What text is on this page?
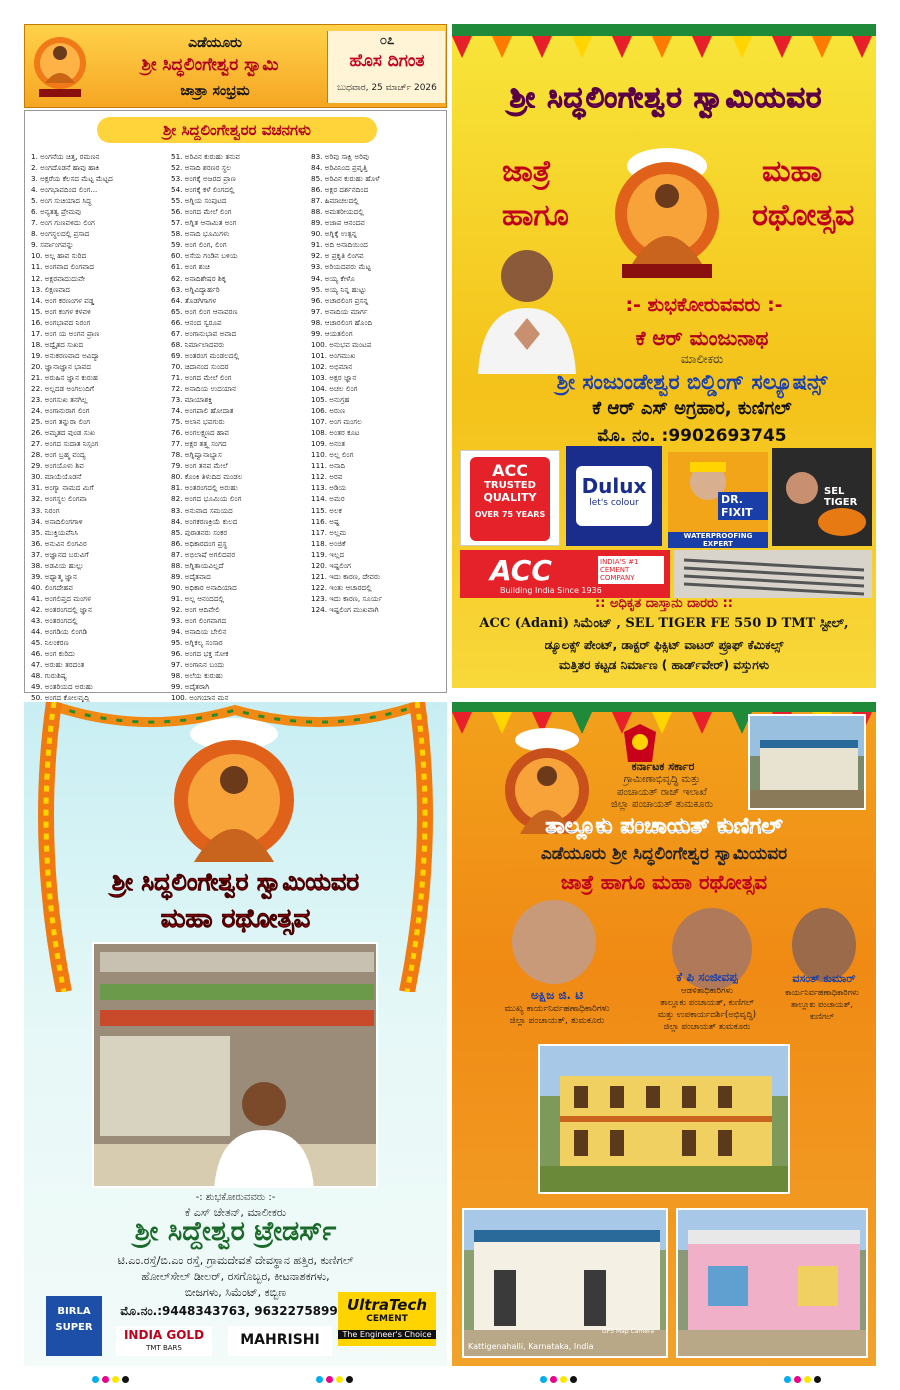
ಎಡೆಯೂರು
ಶ್ರೀ ಸಿದ್ಧಲಿಂಗೇಶ್ವರ ಸ್ವಾಮಿ
ಜಾತ್ರಾ ಸಂಭ್ರಮ
೦೭
ಹೊಸ ದಿಗಂತ
ಬುಧವಾರ, 25 ಮಾರ್ಚ್ 2026
ಶ್ರೀ ಸಿದ್ದಲಿಂಗೇಶ್ವರರ ವಚನಗಳು
1. ಅಂಗನೆಯ ಚಿತ್ತ, ರಮಣನ
2. ಅಂಗದೊಡನೆ ಹಾವು ಹಾಕಿ
3. ಅಕ್ಷರೆಯ ಕೆಲಸದ ಮೆಟ್ಟ ಮೆಟ್ಟದ
4. ಅಂಗಭಾವದಿಂದ ಲಿಂಗ...
5. ಅಂಗ ಸುಚಿಯಾದ ಸಿದ್ಧ
6. ಅನ್ಯತತ್ವ ಪ್ರೇಮವು
7. ಅಂಗ ಗುಣವಳಿದು ಲಿಂಗ
8. ಅಂಗಸ್ಥಲದಲ್ಲಿ ಪ್ರಸಾದ
9. ಸರ್ವಾಂಗವನ್ನು
10. ಅಲ್ಲ ಹಾವ ಸುರಿದ
11. ಅಂಗವಾದ ಲಿಂಗವಾದ
12. ಅಕ್ಷರವಾದುದುವೇ
13. ಲಿಕ್ಷಣವಾದ
14. ಅಂಗ ಕರಣಂಗಳ ವಡ್ಡ
15. ಅಂಗ ಕಂಗಳ ಕಳವಳಿ
16. ಅಂಗಭಾವದ ನಿರಂಗ
17. ಅಂಗ ಯ ಅಂಗನ ಪ್ರಾಣ
18. ಅದ್ವೈತದ ಸುಖದ
19. ಅನುಕರಣವಾದ ಅವಿದ್ಯಾ
20. ಜ್ಞಾನಾಜ್ಞಾನ ಭಾವದ
21. ಅರುಹಿನ ಜ್ಞಾನ ಕುರುಹ
22. ಅಲ್ಲದಡ ಅಂಗಲುದಿಗೆ
23. ಅಂಗಸುಖ ತನಗಿಲ್ಲ
24. ಅಂಗಾನುರಾಗ ಲಿಂಗ
25. ಅಂಗ ತನ್ನುರಾ ಲಿಂಗ
26. ಅಮೃತದ ವುಂಡ ಸುಖ
27. ಅಂಗದ ಸುದಾತ ನಿಸ್ಸಂಗ
28. ಅಂಗ ಬ್ರಹ್ಮ ವಂದ್ಯ
29. ಅಂಗಯೊಳು ಶಿವ
30. ಮಾಯೆಯೊಡನೆ
31. ಅಂಗ್ಯಾ ನಾಮದ ಮಿಗೆ
32. ಅಂಗಸ್ಥಲ ಲಿಂಗವಾ
33. ನಿರಂಗ
34. ಅನಾದಿಲಿಂಗಗಾಳಿ
35. ಮುಕ್ತಿಯವೆನಿಸಿ
36. ಅನುವಿನ ಲಿಂಗವಿರ
37. ಅಜ್ಞಾನದ ಬರುವಿಗೆ
38. ಅಡವಿಯ ಹುಲ್ಲು
39. ಅಧ್ಯಾತ್ಮ ಜ್ಞಾನ
40. ಲಿಂಗದೇಹವ
41. ಅಂಗಲಿಪ್ತದ ಮಂಗಳ
42. ಅಂತರಂಗದಲ್ಲಿ ಜ್ಞಾನ
43. ಅಂತರಂಗದಲ್ಲಿ
44. ಅಂಗಡಿಯ ಲಿಂಗಡಿ
45. ನಿಲಂಕರಣ
46. ಅಂಗ ಕುರಿದು
47. ಅರುಹು ತರದಂತ
48. ಗುರುಶಿಷ್ಯ
49. ಅಂತರಿಯದ ಅರುಹು
50. ಅಂಗದ ಕೋಲವೃದ್ಧಿ
51. ಅರಿವಿನ ಕುರುಹು ತನುವ
52. ಅನಾದಿ ಶರಣರ ಸ್ಥಲ
53. ಅಂಗಕ್ಕೆ ಅಜರದ ಪ್ರಾಣ
54. ಅಂಗಕ್ಕೆ ಕಳೆ ಲಿಂಗದಲ್ಲಿ
55. ಅಗ್ನಿಯ ಸಂಪುಟದ
56. ಅಂಗದ ಮೇಲೆ ಲಿಂಗ
57. ಅಗ್ನಿತ ಆನಾಮಿತ ಅಂಗ
58. ಅನಾದಿ ಭೂಮಿಗಳು
59. ಅಂಗ ಲಿಂಗ, ಲಿಂಗ
60. ಅಸೆಯ ಗಂಡಿನ ಬಳಿಯ
61. ಅಂಗ ಶುಚಿ
62. ಅನಾದಿಶೇಷರ ಶಿಕ್ಕ
63. ಅಗ್ನಿವಿದ್ಯಾರ್ಹರಿ
64. ತೊಡಗಿಗಾಗಳ
65. ಅಂಗ ಲಿಂಗ ಆನಾವರಣ
66. ಆನಂದ ಸ್ವರೂಪ
67. ಅಂಗಾನುಭಾವ ಅವಾದ
68. ನಿರ್ಮಾಲಾದವರು
69. ಅಂತರಂಗ ಮಂಡಲದಲ್ಲಿ
70. ಚಿದಾನಂದ ಸುಂದರ
71. ಅಂಗದ ಮೇಲೆ ಲಿಂಗ
72. ಅನಾದಿಯ ಉದಯಾನ
73. ಮಾಯಾಶಕ್ತಿ
74. ಅಂಗಪಾಲಿ ಹೋದಾತ
75. ಅಲಾನ ಭವಗುರು
76. ಅಂಗಲಕ್ಷ್ಮಣದ ಹಾವ
77. ಅಕ್ಷರ ತತ್ತ್ವ ಸಂಗದ
78. ಅಗ್ನಿಷ್ವಾನಾಭ್ಯಾಸ
79. ಅಂಗ ತನವ ಮೇಲೆ
80. ಕೊಂಕಿ ತಿಳುದಿದ ಮಂಡಲ
81. ಅಂತರಂಗದಲ್ಲಿ ಅರುಹು
82. ಅಂಗದ ಭೂಮಿಯ ಲಿಂಗ
83. ಅನುವಾದ ಸಮಯದ
84. ಅಂಗಕರಣಕ್ರಿಯೆ ಕುಲದ
85. ಪುರಾತನರು ಸಂಕರ
86. ಅಧಿಕಾರದಂಗ ಪ್ರಸ್ಥ
87. ಅಭಿಲಾಷೆ ಅಗಲಿದವರ
88. ಅಗ್ನಿತಾಯವಿಲ್ಲದೆ
89. ಅದೈತವಾದ
90. ಅಧಿಕಾರ ಅನಾದಿಯಾದ
91. ಅಲ್ಲ ಆನಂದದಲ್ಲಿ
92. ಅಂಗ ಆದಿವೇಲಿ
93. ಅಂಗ ಲಿಂಗವಾಗದ
94. ಅನಾದಿಯ ಬೇಲಿನ
95. ಅಗ್ನಿಕಲ್ಯ ಸಂಸಾರ
96. ಅಂಗದ ಭಕ್ತ ಸೋಕ
97. ಅಂಗಾನಿನ ಬಂದು
98. ಅಲೆಯ ಕುರುಹು
99. ಅದೈತರಾಗಿ
100. ಅಂಗಯಾನ ಮನ
83. ಅರಿವು ಸಾಕ್ಷಿ ಅರಿವು
84. ಅರಿವಿನಿಂದ ಪ್ರವೃತ್ತಿ
85. ಅರಿವಿನ ಕುರುಹು ಹೊಳೆ
86. ಅಕ್ಷರ ದರ್ಶನದಿಂದ
87. ಹಿಮಾಚಲದಲ್ಲಿ
88. ಅಮತರೀಯದಲ್ಲಿ
89. ಅಜಾಪ ಆನಂದವ
90. ಅಗ್ನಿಕ್ಕೆ ಉತ್ಪನ್ನ
91. ಅದಿ ಅನಾದಿಯಿಂದ
92. ಅ ಪ್ರಕೃತಿ ಲಿಂಗವ
93. ಅರಿಯದವರು ಮೆಟ್ಟ
94. ಅಯ್ಯ ಕೇಳೊ
95. ಅಯ್ಯ ನಿನ್ನ ಹುಟ್ಟು
96. ಅಚಾರಲಿಂಗ ಪ್ರಸನ್ನ
97. ಅನಾದಿಯ ಮಾರ್ಗ
98. ಆಚಾರಲಿಂಗ ಹೊಂದಿ
99. ಆಯತಲಿಂಗ
100. ಅನುಭವ ಮಂಟಪ
101. ಅಂಗಮುಖ
102. ಅಭಿಮಾನ
103. ಅಕ್ಷರ ಜ್ಞಾನ
104. ಅಚಲ ಲಿಂಗ
105. ಅನುಗ್ರಹ
106. ಅರುಣ
107. ಅಂಗ ಮಂಗಲ
108. ಅಂತರ ಕೂಟ
109. ಅನಂತ
110. ಅಲ್ಲ ಲಿಂಗ
111. ಅನಾದಿ
112. ಅರವ
113. ಅಡಿಯ
114. ಅಮರ
115. ಅಲಕ
116. ಅಷ್ಟ
117. ಅಲ್ಲಮ
118. ಅಂಜಿಕೆ
119. ಇಲ್ಲದ
120. ಇಷ್ಟಲಿಂಗ
121. ಇದು ಕಾರಣ, ದೇವರು
122. ಇಂತು ಆಚಾರದಲ್ಲಿ
123. ಇದು ಕಾರಣ, ಸೂರ್ಯ
124. ಇಷ್ಟಲಿಂಗ ಮುಖವಾಗಿ
ಶ್ರೀ ಸಿದ್ಧಲಿಂಗೇಶ್ವರ ಸ್ವಾಮಿಯವರ
ಜಾತ್ರೆ	ಮಹಾ
ಹಾಗೂ	ರಥೋತ್ಸವ
:- ಶುಭಕೋರುವವರು :-
ಕೆ ಆರ್ ಮಂಜುನಾಥ
ಮಾಲೀಕರು
ಶ್ರೀ ಸಂಜುಂಡೇಶ್ವರ ಬಿಲ್ಡಿಂಗ್ ಸಲ್ಯೂಷನ್ಸ್
ಕೆ ಆರ್ ಎಸ್ ಅಗ್ರಹಾರ, ಕುಣಿಗಲ್
ಮೊ. ನಂ. :9902693745
ACC
TRUSTED
QUALITY
OVER 75 YEARS
Dulux
let's colour	DR. FIXIT
WATERPROOFING EXPERT
SEL TIGER
ACC	INDIA'S #1 CEMENT COMPANY
Building India Since 1936
:: ಅಧಿಕೃತ ದಾಸ್ತಾನು ದಾರರು ::
ACC (Adani) ಸಿಮೆಂಟ್ , SEL TIGER FE 550 D TMT ಸ್ಟೀಲ್,
ಡ್ಯೂಲಕ್ಸ್ ಪೇಂಟ್, ಡಾಕ್ಟರ್ ಫಿಕ್ಸಿಟ್ ವಾಟರ್ ಪ್ರೂಫ್ ಕೆಮಿಕಲ್ಸ್
ಮತ್ತಿತರ ಕಟ್ಟಡ ನಿರ್ಮಾಣ ( ಹಾರ್ಡ್‌ವೇರ್) ವಸ್ತುಗಳು
ಶ್ರೀ ಸಿದ್ಧಲಿಂಗೇಶ್ವರ ಸ್ವಾಮಿಯವರ
ಮಹಾ ರಥೋತ್ಸವ
-: ಶುಭಕೋರುವವರು :-
ಕೆ ಎಸ್ ಚೇತನ್, ಮಾಲೀಕರು
ಶ್ರೀ ಸಿದ್ದೇಶ್ವರ ಟ್ರೇಡರ್ಸ್
ಟಿ.ಎಂ.ರಸ್ತೆ/ಬಿ.ಎಂ ರಸ್ತೆ, ಗ್ರಾಮದೇವತೆ ದೇವಸ್ಥಾನ ಹತ್ತಿರ, ಕುಣಿಗಲ್
ಹೋಲ್‌ಸೇಲ್ ಡೀಲರ್, ರಸಗೊಬ್ಬರ, ಕೀಟನಾಶಕಗಳು,
ಬೀಜಗಳು, ಸಿಮೆಂಟ್, ಕಬ್ಬಿಣ
ಮೊ.ನಂ.:9448343763, 9632275899
BIRLA
SUPER
UltraTech
CEMENT
The Engineer's Choice
INDIA GOLD
TMT BARS	MAHRISHI
ಕರ್ನಾಟಕ ಸರ್ಕಾರ
ಗ್ರಾಮೀಣಾಭಿವೃದ್ಧಿ ಮತ್ತು
ಪಂಚಾಯತ್ ರಾಜ್ ಇಲಾಖೆ
ಜಿಲ್ಲಾ ಪಂಚಾಯತ್ ತುಮಕೂರು
ತಾಲ್ಲೂಕು ಪಂಚಾಯತ್ ಕುಣಿಗಲ್
ಎಡೆಯೂರು ಶ್ರೀ ಸಿದ್ಧಲಿಂಗೇಶ್ವರ ಸ್ವಾಮಿಯವರ
ಜಾತ್ರೆ ಹಾಗೂ ಮಹಾ ರಥೋತ್ಸವ
ಅಕ್ಷಿಜ ಜಿ. ಟಿ
ಮುಖ್ಯ ಕಾರ್ಯನಿರ್ವಹಣಾಧಿಕಾರಿಗಳು
ಜಿಲ್ಲಾ ಪಂಚಾಯತ್, ತುಮಕೂರು
ಕೆ ಪಿ ಸಂಜೀವಪ್ಪ
ಆಡಳಿತಾಧಿಕಾರಿಗಳು
ತಾಲ್ಲೂಕು ಪಂಚಾಯತ್, ಕುಣಿಗಲ್
ಮತ್ತು ಉಪಕಾರ್ಯದರ್ಶಿ(ಅಭಿವೃದ್ಧಿ)
ಜಿಲ್ಲಾ ಪಂಚಾಯತ್ ತುಮಕೂರು
ವಸಂತ್ ಕುಮಾರ್
ಕಾರ್ಯನಿರ್ವಹಣಾಧಿಕಾರಿಗಳು
ತಾಲ್ಲೂಕು ಪಂಚಾಯತ್,
ಕುಣಿಗಲ್
GPS Map Camera
Kattigenahalli, Karnataka, India
